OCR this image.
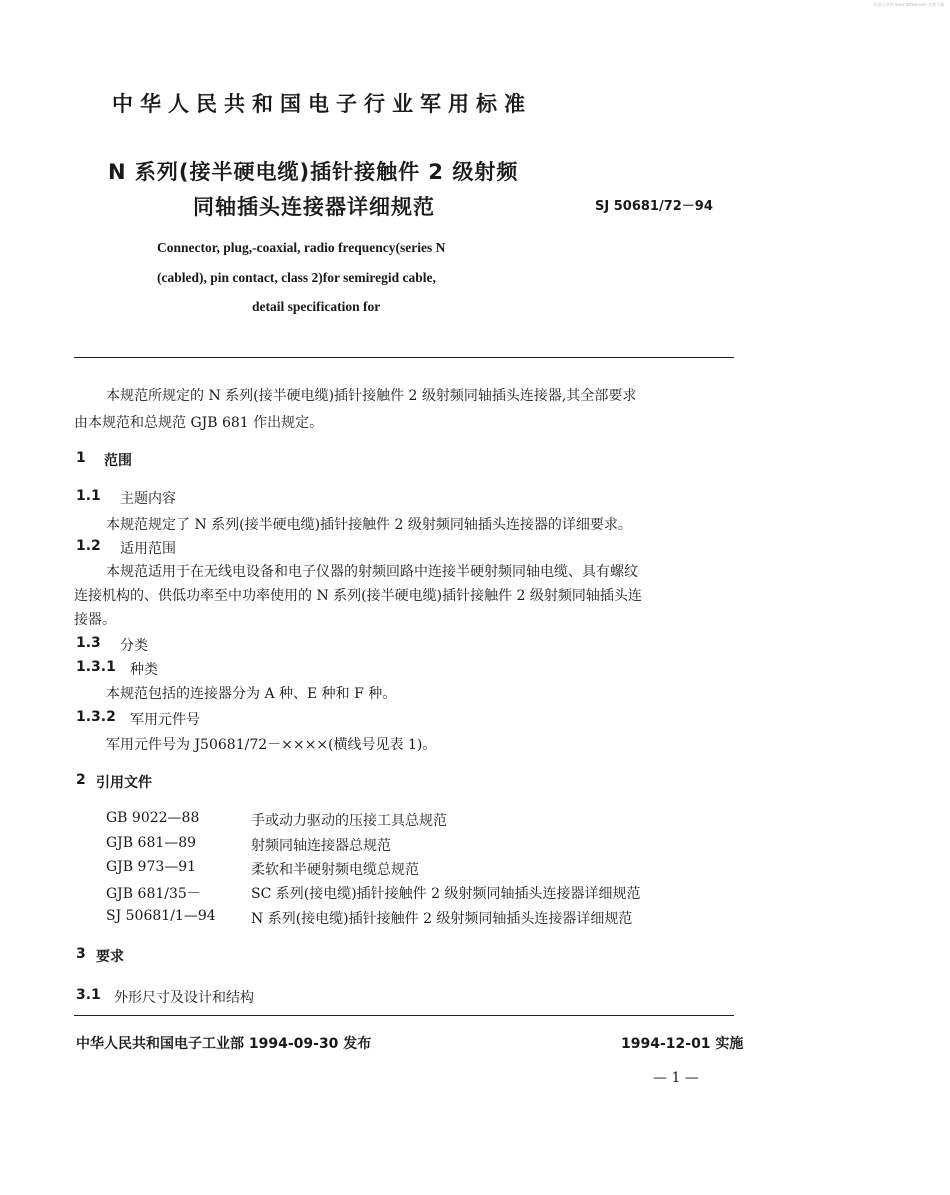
标准分享网 www.bzfxw.com 免费下载
中华人民共和国电子行业军用标准
N 系列(接半硬电缆)插针接触件 2 级射频
同轴插头连接器详细规范	SJ 50681/72－94
Connector, plug,-coaxial, radio frequency(series N
(cabled), pin contact, class 2)for semiregid cable,
detail specification for
本规范所规定的 N 系列(接半硬电缆)插针接触件 2 级射频同轴插头连接器,其全部要求
由本规范和总规范 GJB 681 作出规定。
1 范围
1.1 主题内容
本规范规定了 N 系列(接半硬电缆)插针接触件 2 级射频同轴插头连接器的详细要求。
1.2 适用范围
本规范适用于在无线电设备和电子仪器的射频回路中连接半硬射频同轴电缆、具有螺纹
连接机构的、供低功率至中功率使用的 N 系列(接半硬电缆)插针接触件 2 级射频同轴插头连
接器。
1.3 分类
1.3.1 种类
本规范包括的连接器分为 A 种、E 种和 F 种。
1.3.2 军用元件号
军用元件号为 J50681/72－××××(横线号见表 1)。
2 引用文件
GB 9022—88	手或动力驱动的压接工具总规范
GJB 681—89	射频同轴连接器总规范
GJB 973—91	柔软和半硬射频电缆总规范
GJB 681/35－	SC 系列(接电缆)插针接触件 2 级射频同轴插头连接器详细规范
SJ 50681/1—94	N 系列(接电缆)插针接触件 2 级射频同轴插头连接器详细规范
3 要求
3.1 外形尺寸及设计和结构
中华人民共和国电子工业部 1994-09-30 发布	1994-12-01 实施
— 1 —
